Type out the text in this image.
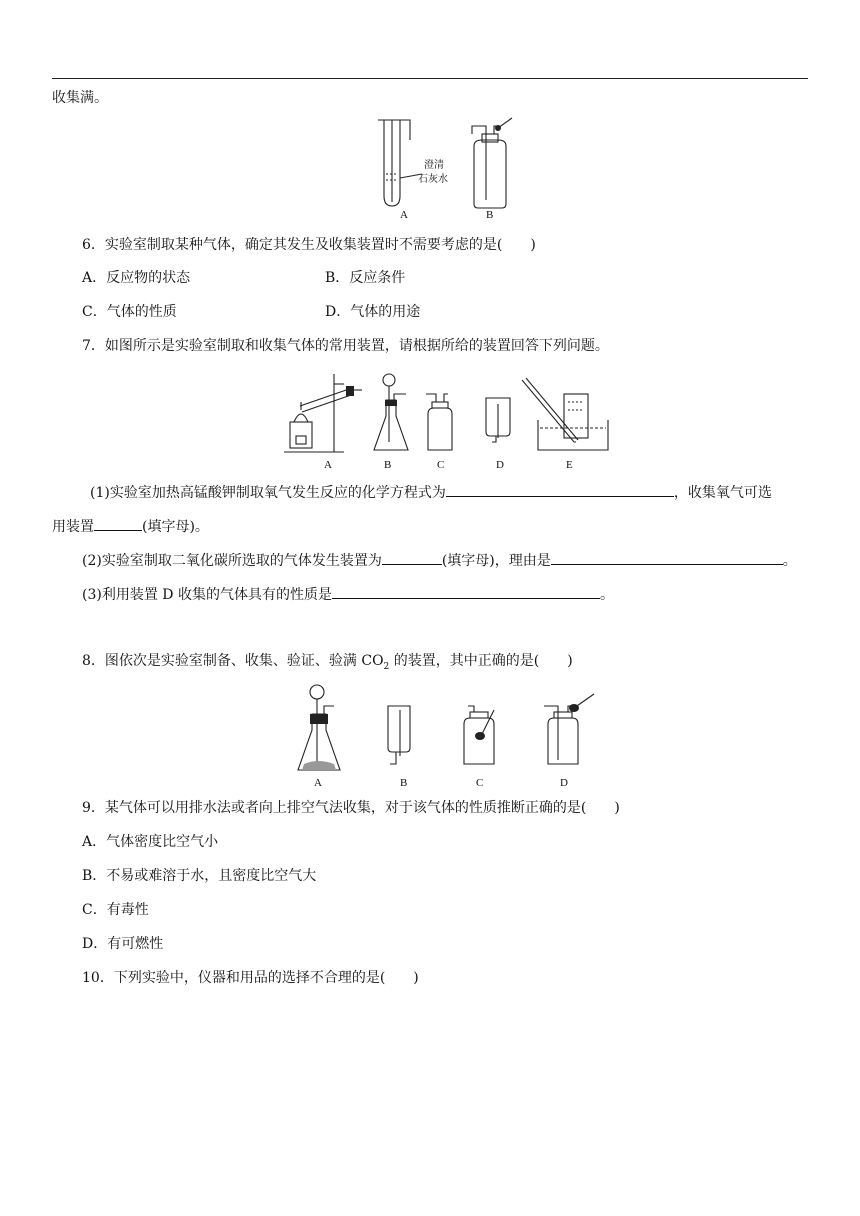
收集满。
澄清
石灰水
A	B
6．实验室制取某种气体，确定其发生及收集装置时不需要考虑的是(　　)
A．反应物的状态	B．反应条件
C．气体的性质	D．气体的用途
7．如图所示是实验室制取和收集气体的常用装置，请根据所给的装置回答下列问题。
A	B	C	D	E
(1)实验室加热高锰酸钾制取氧气发生反应的化学方程式为	，收集氧气可选
用装置	(填字母)。
(2)实验室制取二氧化碳所选取的气体发生装置为	(填字母)，理由是	。
(3)利用装置 D 收集的气体具有的性质是	。
8．图依次是实验室制备、收集、验证、验满 $CO_2$ 的装置，其中正确的是(　　)
A	B	C	D
9．某气体可以用排水法或者向上排空气法收集，对于该气体的性质推断正确的是(　　)
A．气体密度比空气小
B．不易或难溶于水，且密度比空气大
C．有毒性
D．有可燃性
10．下列实验中，仪器和用品的选择不合理的是(　　)
